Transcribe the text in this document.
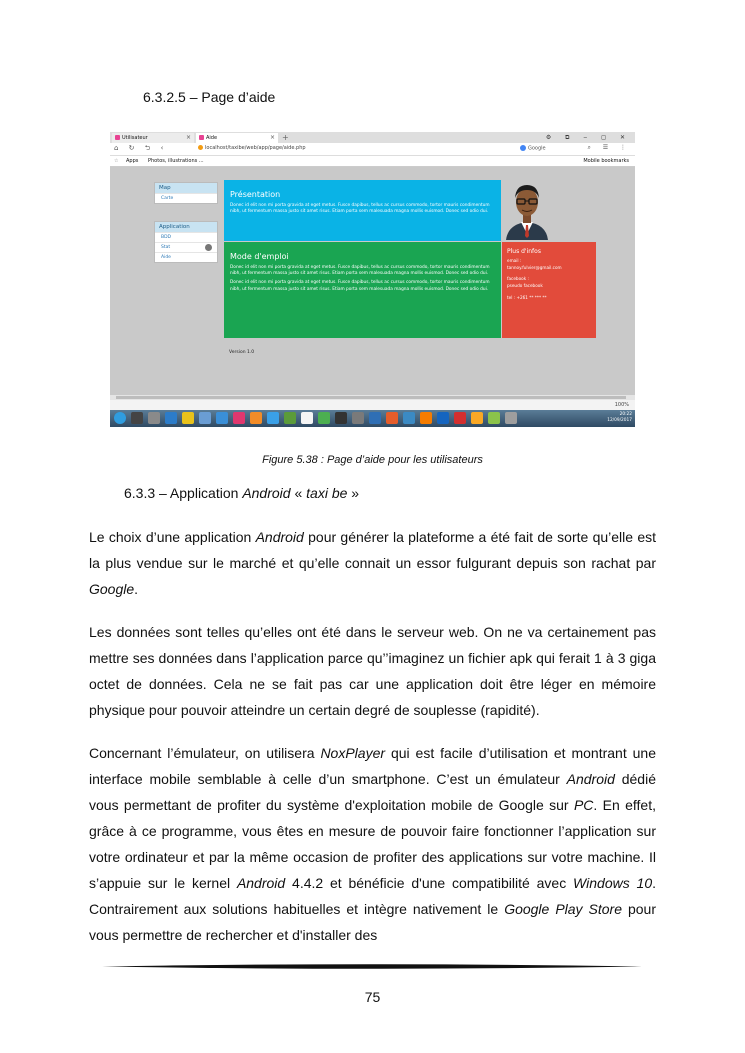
6.3.2.5 – Page d’aide
Utilisateur	×	Aide	× +	⚙ ⧉ ‒ ◻ ✕
⌂ ↻ ⮌ ‹	localhost/taxibe/web/app/page/aide.php	Google	⌕ ☰ ⋮
☆ Apps Photos, illustrations ...	Mobile bookmarks
Map
Carte
Application
BDD
Stat
Aide
Présentation
Donec id elit non mi porta gravida at eget metus. Fusce dapibus, tellus ac cursus commodo, tortor mauris condimentum nibh, ut fermentum massa justo sit amet risus. Etiam porta sem malesuada magna mollis euismod. Donec sed odio dui.
Mode d'emploi
Donec id elit non mi porta gravida at eget metus. Fusce dapibus, tellus ac cursus commodo, tortor mauris condimentum nibh, ut fermentum massa justo sit amet risus. Etiam porta sem malesuada magna mollis euismod. Donec sed odio dui.
Donec id elit non mi porta gravida at eget metus. Fusce dapibus, tellus ac cursus commodo, tortor mauris condimentum nibh, ut fermentum massa justo sit amet risus. Etiam porta sem malesuada magna mollis euismod. Donec sed odio dui.
Plus d'infos
email :
tannoy.fulvier@gmail.com
facebook :
pseudo facebook
tel : +261 ** *** **
Version 1.0
100%
20:22
12/09/2017
Figure 5.38 : Page d’aide pour les utilisateurs
6.3.3 – Application Android « taxi be »
Le choix d’une application Android pour générer la plateforme a été fait de sorte qu’elle est la plus vendue sur le marché et qu’elle connait un essor fulgurant depuis son rachat par Google.
Les données sont telles qu’elles ont été dans le serveur web. On ne va certainement pas mettre ses données dans l’application parce qu’’imaginez un fichier apk qui ferait 1 à 3 giga octet de données. Cela ne se fait pas car une application doit être léger en mémoire physique pour pouvoir atteindre un certain degré de souplesse (rapidité).
Concernant l’émulateur, on utilisera NoxPlayer qui est facile d’utilisation et montrant une interface mobile semblable à celle d’un smartphone. C’est un émulateur Android dédié vous permettant de profiter du système d'exploitation mobile de Google sur PC. En effet, grâce à ce programme, vous êtes en mesure de pouvoir faire fonctionner l’application sur votre ordinateur et par la même occasion de profiter des applications sur votre machine. Il s’appuie sur le kernel Android 4.4.2 et bénéficie d'une compatibilité avec Windows 10. Contrairement aux solutions habituelles et intègre nativement le Google Play Store pour vous permettre de rechercher et d'installer des
75
